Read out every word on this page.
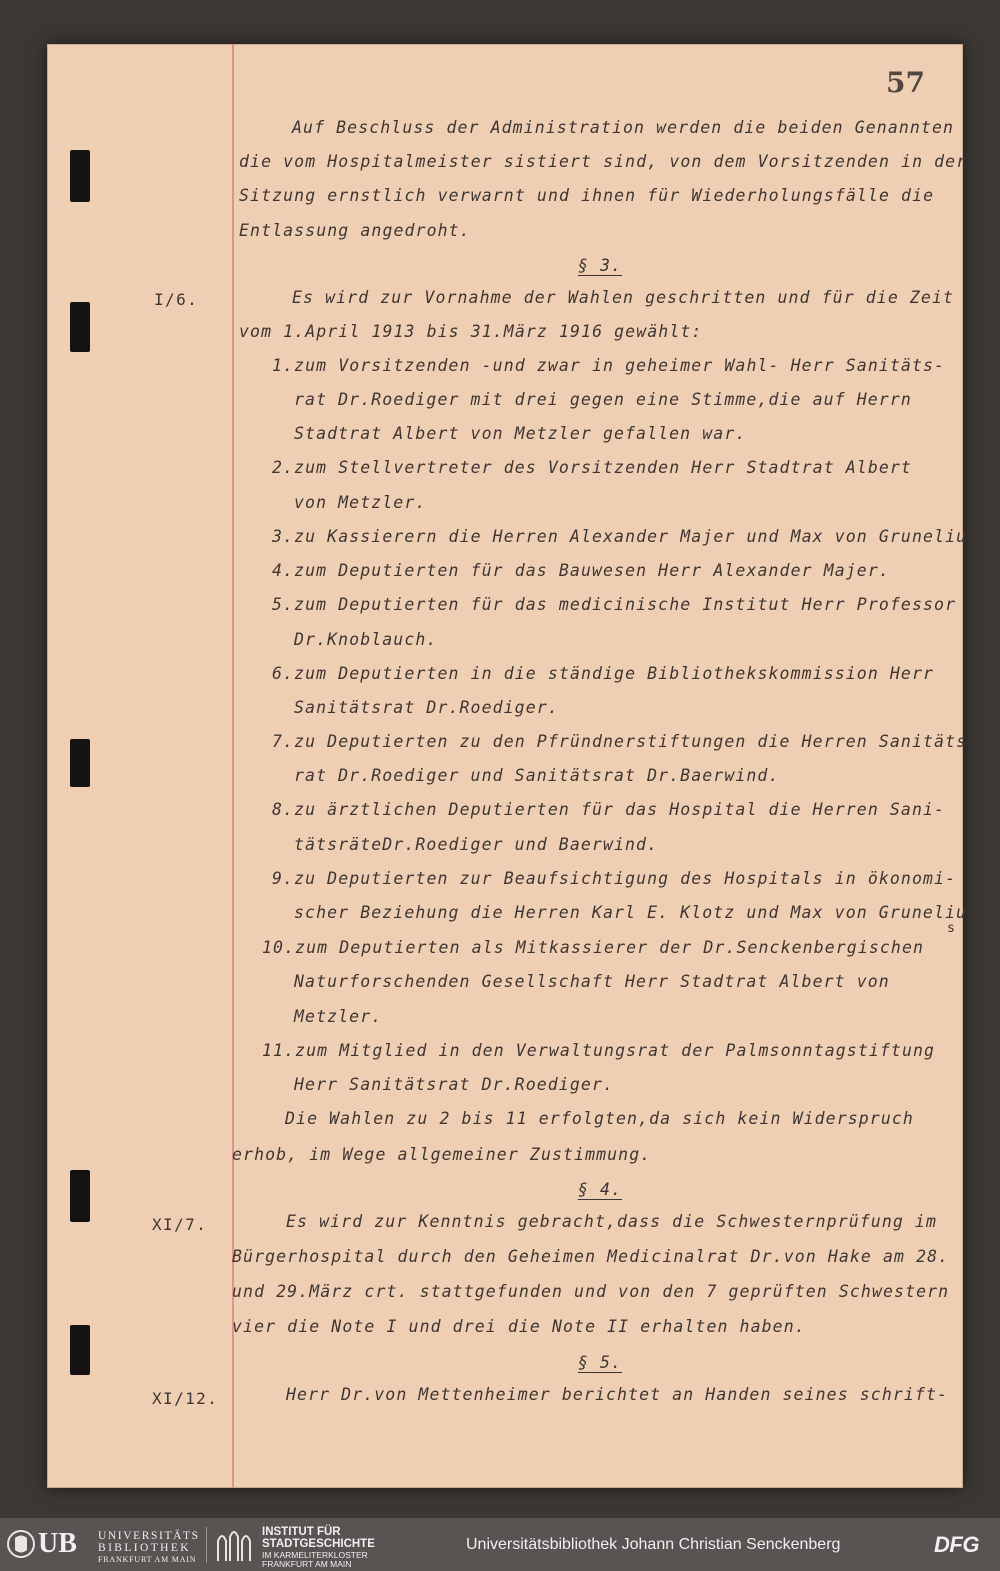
57
Auf Beschluss der Administration werden die beiden Genannten
die vom Hospitalmeister sistiert sind, von dem Vorsitzenden in der
Sitzung ernstlich verwarnt und ihnen für Wiederholungsfälle die
Entlassung angedroht.
§ 3.
I/6.	Es wird zur Vornahme der Wahlen geschritten und für die Zeit
vom 1.April 1913 bis 31.März 1916 gewählt:
1.zum Vorsitzenden -und zwar in geheimer Wahl- Herr Sanitäts-
rat Dr.Roediger mit drei gegen eine Stimme,die auf Herrn
Stadtrat Albert von Metzler gefallen war.
2.zum Stellvertreter des Vorsitzenden Herr Stadtrat Albert
von Metzler.
3.zu Kassierern die Herren Alexander Majer und Max von Grunelius
4.zum Deputierten für das Bauwesen Herr Alexander Majer.
5.zum Deputierten für das medicinische Institut Herr Professor
Dr.Knoblauch.
6.zum Deputierten in die ständige Bibliothekskommission Herr
Sanitätsrat Dr.Roediger.
7.zu Deputierten zu den Pfründnerstiftungen die Herren Sanitäts-
rat Dr.Roediger und Sanitätsrat Dr.Baerwind.
8.zu ärztlichen Deputierten für das Hospital die Herren Sani-
tätsräteDr.Roediger und Baerwind.
9.zu Deputierten zur Beaufsichtigung des Hospitals in ökonomi-
scher Beziehung die Herren Karl E. Klotz und Max von Gruneliu
s
10.zum Deputierten als Mitkassierer der Dr.Senckenbergischen
Naturforschenden Gesellschaft Herr Stadtrat Albert von
Metzler.
11.zum Mitglied in den Verwaltungsrat der Palmsonntagstiftung
Herr Sanitätsrat Dr.Roediger.
Die Wahlen zu 2 bis 11 erfolgten,da sich kein Widerspruch
erhob, im Wege allgemeiner Zustimmung.
§ 4.
XI/7.	Es wird zur Kenntnis gebracht,dass die Schwesternprüfung im
Bürgerhospital durch den Geheimen Medicinalrat Dr.von Hake am 28.
und 29.März crt. stattgefunden und von den 7 geprüften Schwestern
vier die Note I und drei die Note II erhalten haben.
§ 5.
XI/12.	Herr Dr.von Mettenheimer berichtet an Handen seines schrift-
UB UNIVERSITÄTS
BIBLIOTHEK
FRANKFURT AM MAIN
INSTITUT FÜR
STADTGESCHICHTE
IM KARMELITERKLOSTER
FRANKFURT AM MAIN
Universitätsbibliothek Johann Christian Senckenberg	DFG
